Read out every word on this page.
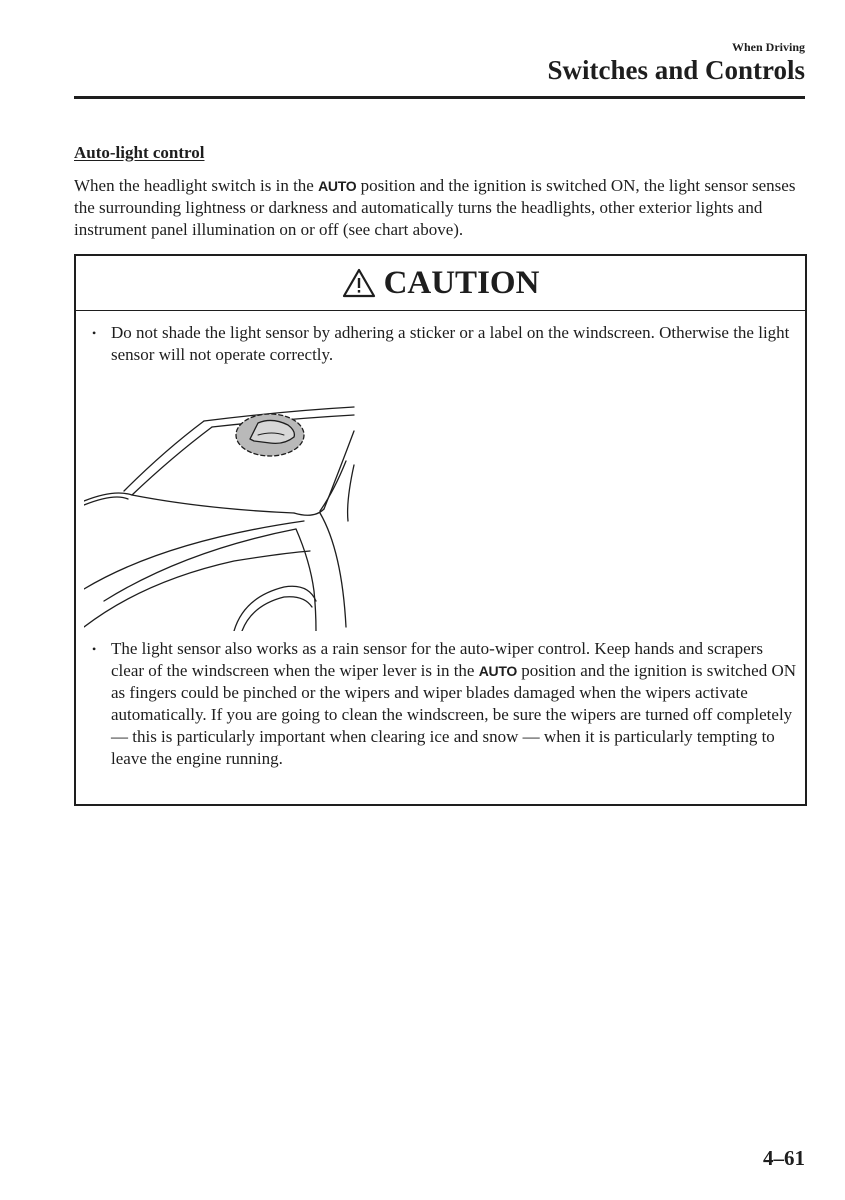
When Driving
Switches and Controls
Auto-light control

When the headlight switch is in the AUTO position and the ignition is switched ON, the light sensor senses the surrounding lightness or darkness and automatically turns the headlights, other exterior lights and instrument panel illumination on or off (see chart above).

CAUTION
• Do not shade the light sensor by adhering a sticker or a label on the windscreen. Otherwise the light sensor will not operate correctly.
• The light sensor also works as a rain sensor for the auto-wiper control. Keep hands and scrapers clear of the windscreen when the wiper lever is in the AUTO position and the ignition is switched ON as fingers could be pinched or the wipers and wiper blades damaged when the wipers activate automatically. If you are going to clean the windscreen, be sure the wipers are turned off completely — this is particularly important when clearing ice and snow — when it is particularly tempting to leave the engine running.
4–61
